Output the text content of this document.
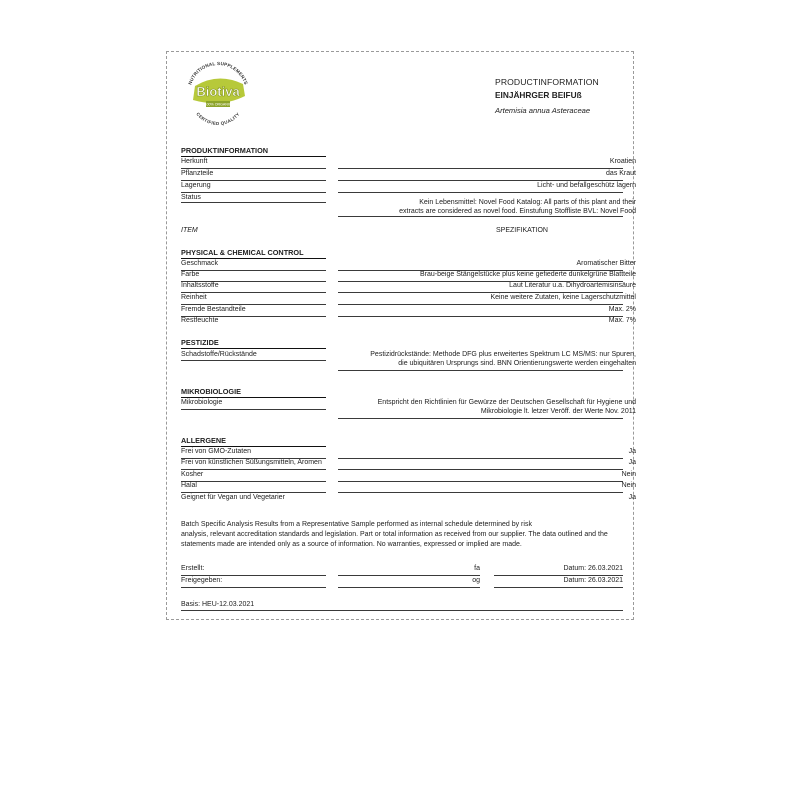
NUTRITIONAL SUPPLEMENTS
Biotiva
100% ORGANIC
CERTIFIED QUALITY
PRODUCTINFORMATION
EINJÄHRGER BEIFUß
Artemisia annua Asteraceae
PRODUKTINFORMATION
Herkunft	Kroatien
Pflanzteile	das Kraut
Lagerung	Licht- und befallgeschütz lagern
Status
Kein Lebensmittel: Novel Food Katalog: All parts of this plant and their
extracts are considered as novel food. Einstufung Stoffliste BVL: Novel Food
ITEM	SPEZIFIKATION
PHYSICAL & CHEMICAL CONTROL
Geschmack	Aromatischer Bitter
Farbe	Brau-beige Stängelstücke plus keine gefiederte dunkelgrüne Blattteile
Inhaltsstoffe	Laut Literatur u.a. Dihydroartemisinsäure
Reinheit	Keine weitere Zutaten, keine Lagerschutzmittel
Fremde Bestandteile	Max. 2%
Restfeuchte	Max. 7%
PESTIZIDE
Schadstoffe/Rückstände	Pestizidrückstände: Methode DFG plus erweitertes Spektrum LC MS/MS: nur Spuren,
die ubiquitären Ursprungs sind. BNN Orientierungswerte werden eingehalten
MIKROBIOLOGIE
Mikrobiologie	Entspricht den Richtlinien für Gewürze der Deutschen Gesellschaft für Hygiene und
Mikrobiologie lt. letzer Veröff. der Werte Nov. 2011
ALLERGENE
Frei von GMO-Zutaten	Ja
Frei von künstlichen Süßungsmitteln, Aromen	Ja
Kosher	Nein
Halal	Nein
Geignet für Vegan und Vegetarier	Ja
Batch Specific Analysis Results from a Representative Sample performed as internal schedule determined by risk
analysis, relevant accreditation standards and legislation. Part or total information as received from our supplier. The data outlined and the
statements made are intended only as a source of information. No warranties, expressed or implied are made.
Erstellt:	fa	Datum: 26.03.2021
Freigegeben:	og	Datum: 26.03.2021
Basis: HEU-12.03.2021
